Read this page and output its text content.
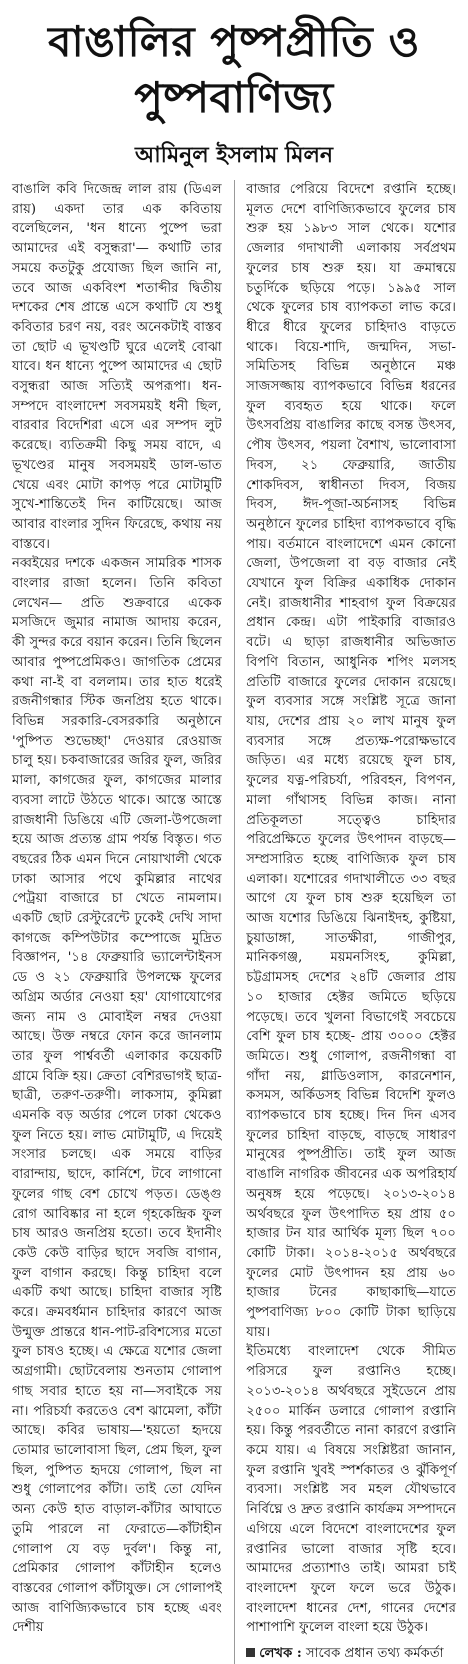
বাঙালির পুষ্পপ্রীতি ও
পুষ্পবাণিজ্য
আমিনুল ইসলাম মিলন

বাঙালি কবি দিজেন্দ্র লাল রায় (ডিএল রায়) একদা তার এক কবিতায় বলেছিলেন, 'ধন ধান্যে পুষ্পে ভরা আমাদের এই বসুন্ধরা'— কথাটি তার সময়ে কতটুকু প্রযোজ্য ছিল জানি না, তবে আজ একবিংশ শতাব্দীর দ্বিতীয় দশকের শেষ প্রান্তে এসে কথাটি যে শুধু কবিতার চরণ নয়, বরং অনেকটাই বাস্তব তা ছোট এ ভূখণ্ডটি ঘুরে এলেই বোঝা যাবে। ধন ধান্যে পুষ্পে আমাদের এ ছোট বসুন্ধরা আজ সত্যিই অপরূপা। ধন-সম্পদে বাংলাদেশ সবসময়ই ধনী ছিল, বারবার বিদেশিরা এসে এর সম্পদ লুট করেছে। ব্যতিক্রমী কিছু সময় বাদে, এ ভূখণ্ডের মানুষ সবসময়ই ডাল-ভাত খেয়ে এবং মোটা কাপড় পরে মোটামুটি সুখে-শান্তিতেই দিন কাটিয়েছে। আজ আবার বাংলার সুদিন ফিরেছে, কথায় নয় বাস্তবে।

নব্বইয়ের দশকে একজন সামরিক শাসক বাংলার রাজা হলেন। তিনি কবিতা লেখেন— প্রতি শুক্রবারে একেক মসজিদে জুমার নামাজ আদায় করেন, কী সুন্দর করে বয়ান করেন। তিনি ছিলেন আবার পুষ্পপ্রেমিকও। জাগতিক প্রেমের কথা না-ই বা বললাম। তার হাত ধরেই রজনীগন্ধার স্টিক জনপ্রিয় হতে থাকে। বিভিন্ন সরকারি-বেসরকারি অনুষ্ঠানে 'পুষ্পিত শুভেচ্ছা' দেওয়ার রেওয়াজ চালু হয়। চকবাজারের জরির ফুল, জরির মালা, কাগজের ফুল, কাগজের মালার ব্যবসা লাটে উঠতে থাকে। আস্তে আস্তে রাজধানী ডিঙিয়ে এটি জেলা-উপজেলা হয়ে আজ প্রত্যন্ত গ্রাম পর্যন্ত বিস্তৃত। গত বছরের ঠিক এমন দিনে নোয়াখালী থেকে ঢাকা আসার পথে কুমিল্লার নাথের পেট্রয়া বাজারে চা খেতে নামলাম। একটি ছোট রেস্টুরেন্টে ঢুকেই দেখি সাদা কাগজে কম্পিউটার কম্পোজে মুদ্রিত বিজ্ঞাপন, '১৪ ফেব্রুয়ারি ভ্যালেন্টাইনস ডে ও ২১ ফেব্রুয়ারি উপলক্ষে ফুলের অগ্রিম অর্ডার নেওয়া হয়' যোগাযোগের জন্য নাম ও মোবাইল নম্বর দেওয়া আছে। উক্ত নম্বরে ফোন করে জানলাম তার ফুল পার্শ্ববর্তী এলাকার কয়েকটি গ্রামে বিক্রি হয়। ক্রেতা বেশিরভাগই ছাত্র-ছাত্রী, তরুণ-তরুণী। লাকসাম, কুমিল্লা এমনকি বড় অর্ডার পেলে ঢাকা থেকেও ফুল নিতে হয়। লাভ মোটামুটি, এ দিয়েই সংসার চলছে। এক সময়ে বাড়ির বারান্দায়, ছাদে, কার্নিশে, টবে লাগানো ফুলের গাছ বেশ চোখে পড়ত। ডেঙ্গু রোগ আবিষ্কার না হলে গৃহকেন্দ্রিক ফুল চাষ আরও জনপ্রিয় হতো। তবে ইদানীং কেউ কেউ বাড়ির ছাদে সবজি বাগান, ফুল বাগান করছে। কিন্তু চাহিদা বলে একটি কথা আছে। চাহিদা বাজার সৃষ্টি করে। ক্রমবর্ধমান চাহিদার কারণে আজ উন্মুক্ত প্রান্তরে ধান-পাট-রবিশস্যের মতো ফুল চাষও হচ্ছে। এ ক্ষেত্রে যশোর জেলা অগ্রগামী। ছোটবেলায় শুনতাম গোলাপ গাছ সবার হাতে হয় না—সবাইকে সয় না। পরিচর্যা করতেও বেশ ঝামেলা, কাঁটা আছে। কবির ভাষায়—'হয়তো হৃদয়ে তোমার ভালোবাসা ছিল, প্রেম ছিল, ফুল ছিল, পুষ্পিত হৃদয়ে গোলাপ, ছিল না শুধু গোলাপের কাঁটা। তাই তো যেদিন অন্য কেউ হাত বাড়াল-কাঁটার আঘাতে তুমি পারলে না ফেরাতে—কাঁটাহীন গোলাপ যে বড় দুর্বল'। কিন্তু না, প্রেমিকার গোলাপ কাঁটাহীন হলেও বাস্তবের গোলাপ কাঁটাযুক্ত। সে গোলাপই আজ বাণিজ্যিকভাবে চাষ হচ্ছে এবং দেশীয়

বাজার পেরিয়ে বিদেশে রপ্তানি হচ্ছে। মূলত দেশে বাণিজ্যিকভাবে ফুলের চাষ শুরু হয় ১৯৮৩ সাল থেকে। যশোর জেলার গদাখালী এলাকায় সর্বপ্রথম ফুলের চাষ শুরু হয়। যা ক্রমান্বয়ে চতুর্দিকে ছড়িয়ে পড়ে। ১৯৯৫ সাল থেকে ফুলের চাষ ব্যাপকতা লাভ করে। ধীরে ধীরে ফুলের চাহিদাও বাড়তে থাকে। বিয়ে-শাদি, জন্মদিন, সভা-সমিতিসহ বিভিন্ন অনুষ্ঠানে মঞ্চ সাজসজ্জায় ব্যাপকভাবে বিভিন্ন ধরনের ফুল ব্যবহৃত হয়ে থাকে। ফলে উৎসবপ্রিয় বাঙালির কাছে বসন্ত উৎসব, পৌষ উৎসব, পয়লা বৈশাখ, ভালোবাসা দিবস, ২১ ফেব্রুয়ারি, জাতীয় শোকদিবস, স্বাধীনতা দিবস, বিজয় দিবস, ঈদ-পূজা-অর্চনাসহ বিভিন্ন অনুষ্ঠানে ফুলের চাহিদা ব্যাপকভাবে বৃদ্ধি পায়। বর্তমানে বাংলাদেশে এমন কোনো জেলা, উপজেলা বা বড় বাজার নেই যেখানে ফুল বিক্রির একাধিক দোকান নেই। রাজধানীর শাহবাগ ফুল বিক্রয়ের প্রধান কেন্দ্র। এটা পাইকারি বাজারও বটে। এ ছাড়া রাজধানীর অভিজাত বিপণি বিতান, আধুনিক শপিং মলসহ প্রতিটি বাজারে ফুলের দোকান রয়েছে। ফুল ব্যবসার সঙ্গে সংশ্লিষ্ট সূত্রে জানা যায়, দেশের প্রায় ২০ লাখ মানুষ ফুল ব্যবসার সঙ্গে প্রত্যক্ষ-পরোক্ষভাবে জড়িত। এর মধ্যে রয়েছে ফুল চাষ, ফুলের যত্ন-পরিচর্যা, পরিবহন, বিপণন, মালা গাঁথাসহ বিভিন্ন কাজ। নানা প্রতিকূলতা সত্ত্বেও চাহিদার পরিপ্রেক্ষিতে ফুলের উৎপাদন বাড়ছে— সম্প্রসারিত হচ্ছে বাণিজ্যিক ফুল চাষ এলাকা। যশোরের গদাখালীতে ৩৩ বছর আগে যে ফুল চাষ শুরু হয়েছিল তা আজ যশোর ডিঙিয়ে ঝিনাইদহ, কুষ্টিয়া, চুয়াডাঙ্গা, সাতক্ষীরা, গাজীপুর, মানিকগঞ্জ, ময়মনসিংহ, কুমিল্লা, চট্টগ্রামসহ দেশের ২৪টি জেলার প্রায় ১০ হাজার হেক্টর জমিতে ছড়িয়ে পড়েছে। তবে খুলনা বিভাগেই সবচেয়ে বেশি ফুল চাষ হচ্ছে- প্রায় ৩০০০ হেক্টর জমিতে। শুধু গোলাপ, রজনীগন্ধা বা গাঁদা নয়, গ্লাডিওলাস, কারনেশান, কসমস, অর্কিডসহ বিভিন্ন বিদেশি ফুলও ব্যাপকভাবে চাষ হচ্ছে। দিন দিন এসব ফুলের চাহিদা বাড়ছে, বাড়ছে সাধারণ মানুষের পুষ্পপ্রীতি। তাই ফুল আজ বাঙালি নাগরিক জীবনের এক অপরিহার্য অনুষঙ্গ হয়ে পড়েছে। ২০১৩-২০১৪ অর্থবছরে ফুল উৎপাদিত হয় প্রায় ৫০ হাজার টন যার আর্থিক মূল্য ছিল ৭০০ কোটি টাকা। ২০১৪-২০১৫ অর্থবছরে ফুলের মোট উৎপাদন হয় প্রায় ৬০ হাজার টনের কাছাকাছি—যাতে পুষ্পবাণিজ্য ৮০০ কোটি টাকা ছাড়িয়ে যায়।

ইতিমধ্যে বাংলাদেশ থেকে সীমিত পরিসরে ফুল রপ্তানিও হচ্ছে। ২০১৩-২০১৪ অর্থবছরে সুইডেনে প্রায় ২৫০০ মার্কিন ডলারে গোলাপ রপ্তানি হয়। কিন্তু পরবর্তীতে নানা কারণে রপ্তানি কমে যায়। এ বিষয়ে সংশ্লিষ্টরা জানান, ফুল রপ্তানি খুবই স্পর্শকাতর ও ঝুঁকিপূর্ণ ব্যবসা। সংশ্লিষ্ট সব মহল যৌথভাবে নির্বিঘ্নে ও দ্রুত রপ্তানি কার্যক্রম সম্পাদনে এগিয়ে এলে বিদেশে বাংলাদেশের ফুল রপ্তানির ভালো বাজার সৃষ্টি হবে। আমাদের প্রত্যাশাও তাই। আমরা চাই বাংলাদেশ ফুলে ফলে ভরে উঠুক। বাংলাদেশ ধানের দেশ, গানের দেশের পাশাপাশি ফুলেল বাংলা হয়ে উঠুক।

লেখক : সাবেক প্রধান তথ্য কর্মকর্তা
